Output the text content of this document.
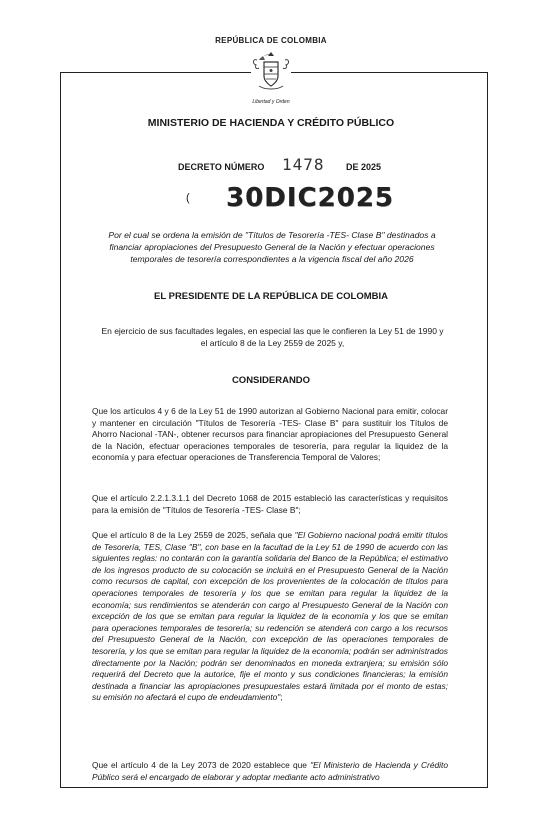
REPÚBLICA DE COLOMBIA
Libertad y Orden
MINISTERIO DE HACIENDA Y CRÉDITO PÚBLICO
DECRETO NÚMERO 1478 DE 2025
( 30DIC2025
Por el cual se ordena la emisión de "Títulos de Tesorería -TES- Clase B" destinados a financiar apropiaciones del Presupuesto General de la Nación y efectuar operaciones temporales de tesorería correspondientes a la vigencia fiscal del año 2026
EL PRESIDENTE DE LA REPÚBLICA DE COLOMBIA
En ejercicio de sus facultades legales, en especial las que le confieren la Ley 51 de 1990 y el artículo 8 de la Ley 2559 de 2025 y,
CONSIDERANDO
Que los artículos 4 y 6 de la Ley 51 de 1990 autorizan al Gobierno Nacional para emitir, colocar y mantener en circulación "Títulos de Tesorería -TES- Clase B" para sustituir los Títulos de Ahorro Nacional -TAN-, obtener recursos para financiar apropiaciones del Presupuesto General de la Nación, efectuar operaciones temporales de tesorería, para regular la liquidez de la economía y para efectuar operaciones de Transferencia Temporal de Valores;
Que el artículo 2.2.1.3.1.1 del Decreto 1068 de 2015 estableció las características y requisitos para la emisión de "Títulos de Tesorería -TES- Clase B";
Que el artículo 8 de la Ley 2559 de 2025, señala que "El Gobierno nacional podrá emitir títulos de Tesorería, TES, Clase "B", con base en la facultad de la Ley 51 de 1990 de acuerdo con las siguientes reglas: no contarán con la garantía solidaria del Banco de la República; el estimativo de los ingresos producto de su colocación se incluirá en el Presupuesto General de la Nación como recursos de capital, con excepción de los provenientes de la colocación de títulos para operaciones temporales de tesorería y los que se emitan para regular la liquidez de la economía; sus rendimientos se atenderán con cargo al Presupuesto General de la Nación con excepción de los que se emitan para regular la liquidez de la economía y los que se emitan para operaciones temporales de tesorería; su redención se atenderá con cargo a los recursos del Presupuesto General de la Nación, con excepción de las operaciones temporales de tesorería, y los que se emitan para regular la liquidez de la economía; podrán ser administrados directamente por la Nación; podrán ser denominados en moneda extranjera; su emisión sólo requerirá del Decreto que la autorice, fije el monto y sus condiciones financieras; la emisión destinada a financiar las apropiaciones presupuestales estará limitada por el monto de estas; su emisión no afectará el cupo de endeudamiento";
Que el artículo 4 de la Ley 2073 de 2020 establece que "El Ministerio de Hacienda y Crédito Público será el encargado de elaborar y adoptar mediante acto administrativo
